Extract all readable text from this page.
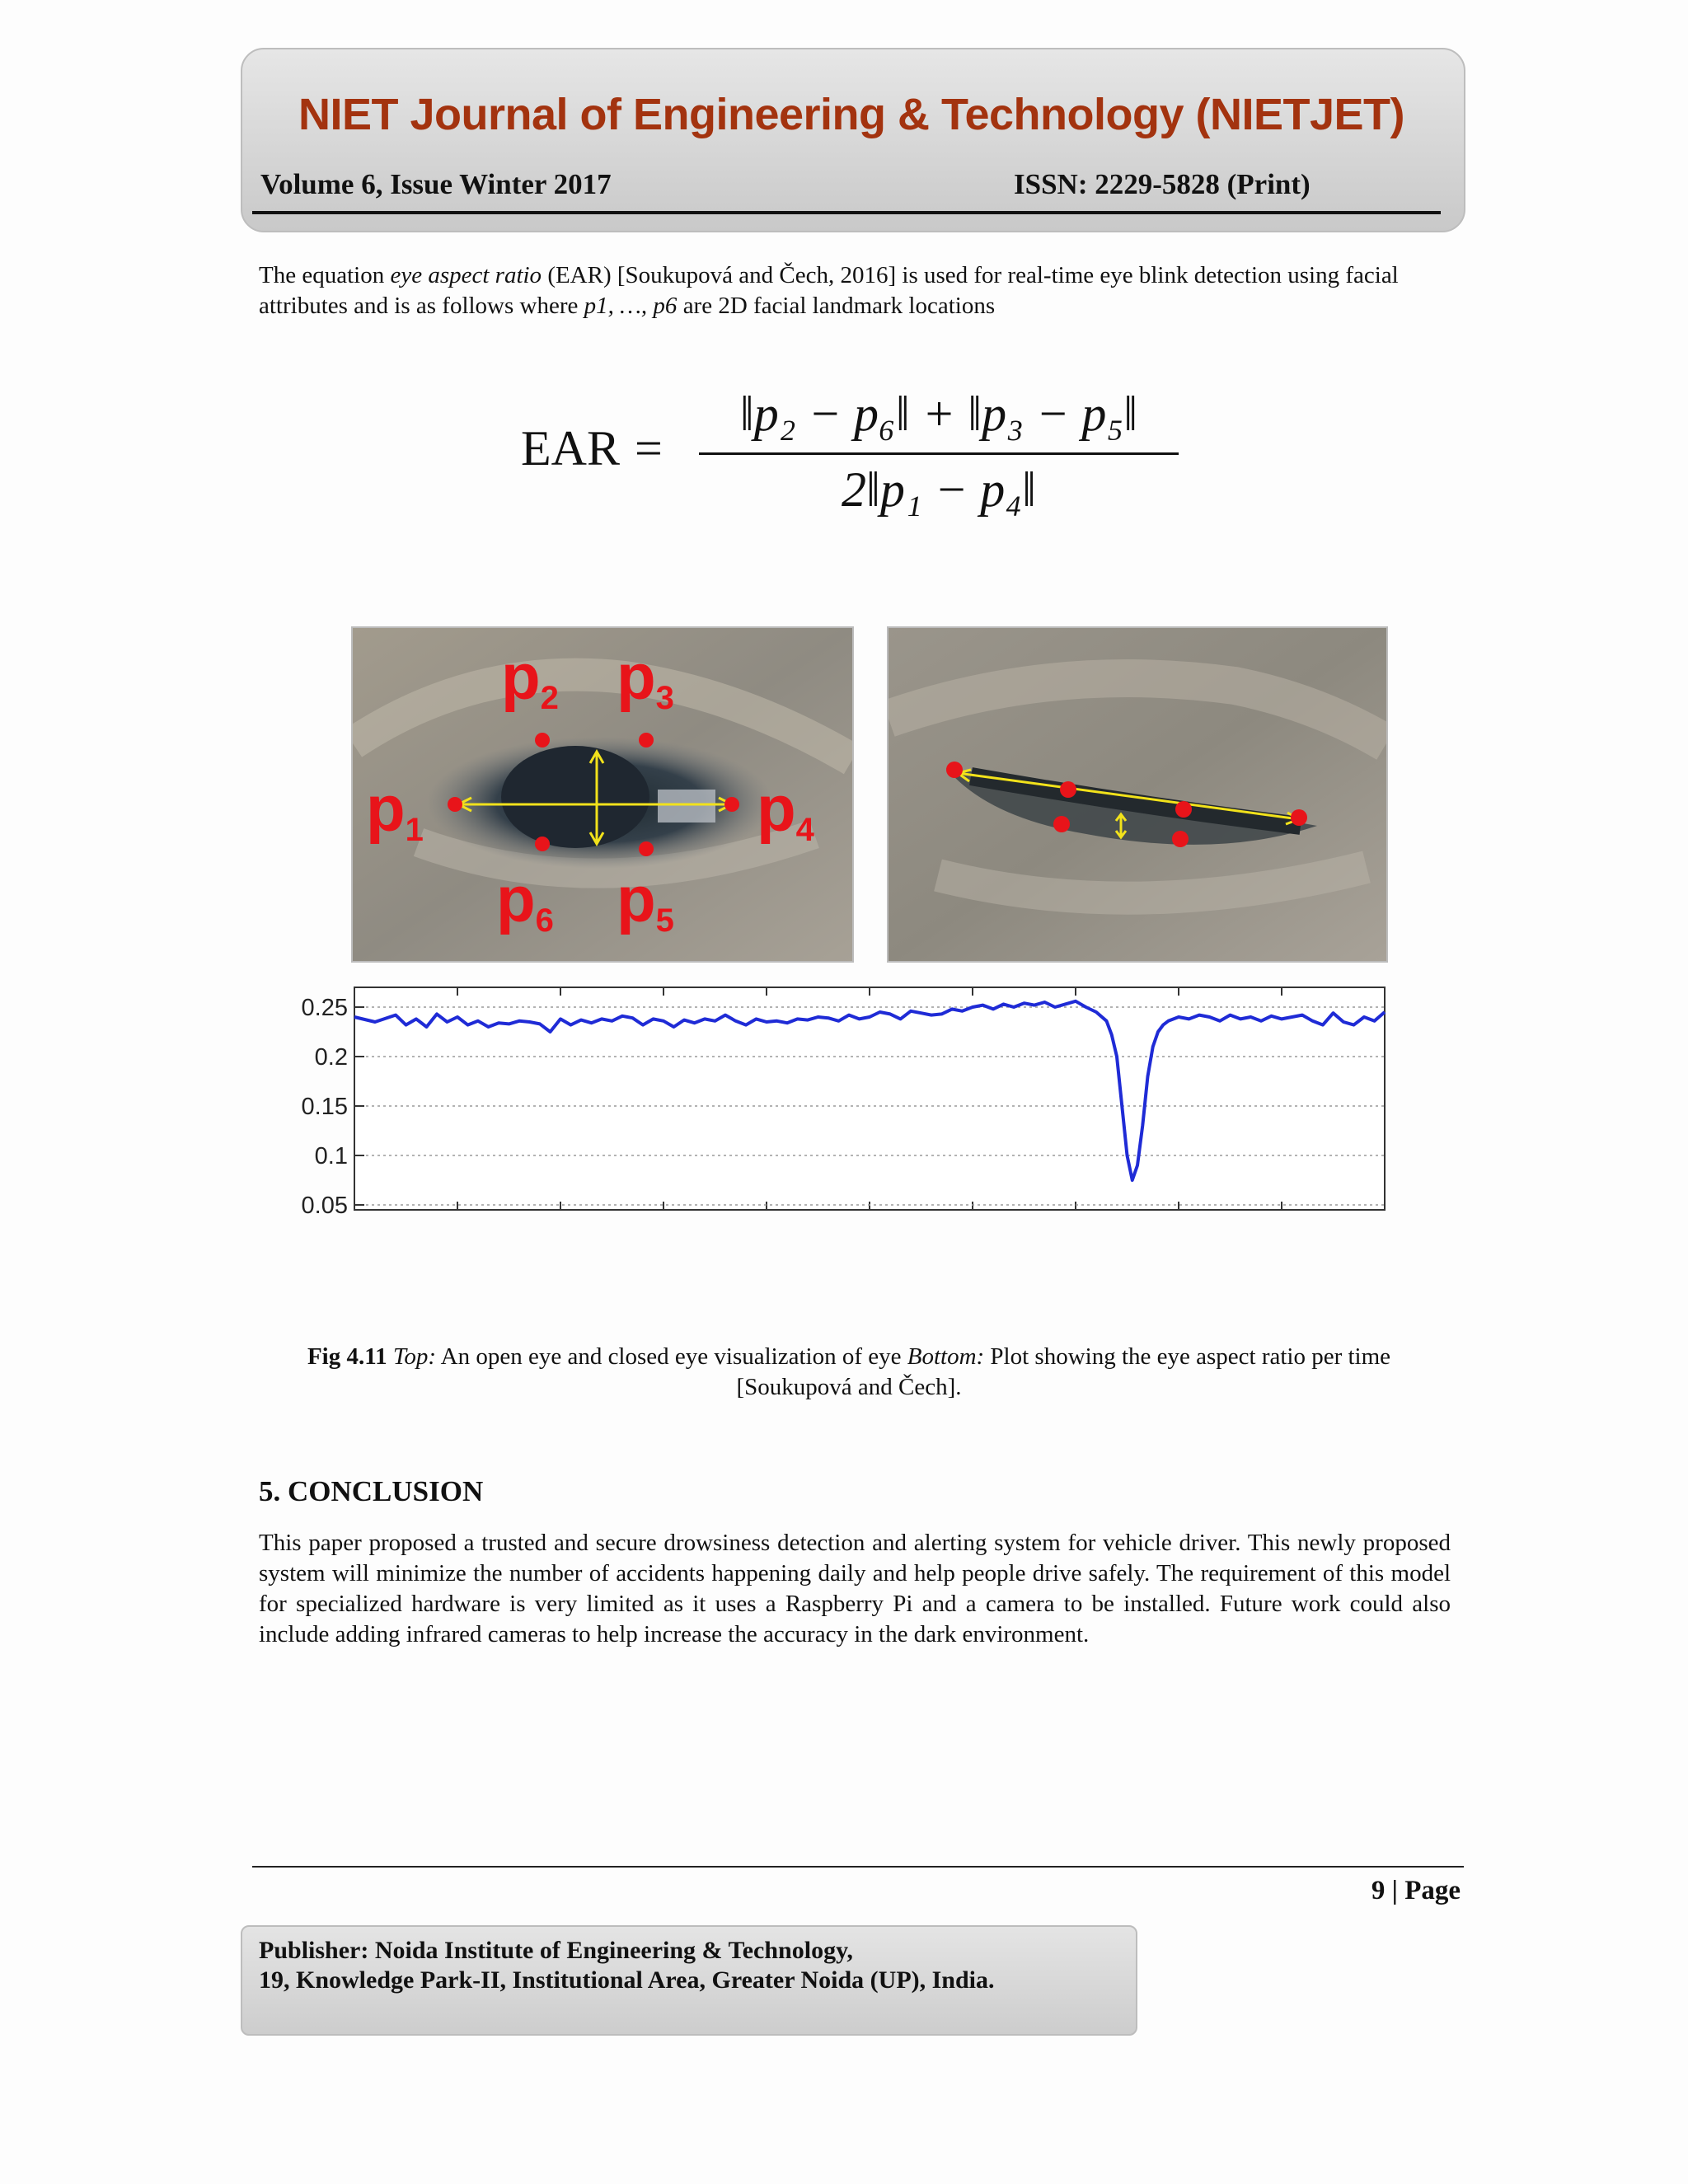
NIET Journal of Engineering & Technology (NIETJET)
Volume 6, Issue Winter 2017	ISSN: 2229-5828 (Print)
The equation eye aspect ratio (EAR) [Soukupová and Čech, 2016] is used for real-time eye blink detection using facial attributes and is as follows where p1, …, p6 are 2D facial landmark locations
EAR =
‖p₂ − p₆‖ + ‖p₃ − p₅‖
2‖p₁ − p₄‖
$p_1$
$p_2$ $p_3$
$p_4$
$p_5$
$p_6$
0.25
0.2
0.15
0.1
0.05
Fig 4.11 Top: An open eye and closed eye visualization of eye Bottom: Plot showing the eye aspect ratio per time [Soukupová and Čech].
5. CONCLUSION
This paper proposed a trusted and secure drowsiness detection and alerting system for vehicle driver. This newly proposed system will minimize the number of accidents happening daily and help people drive safely. The requirement of this model for specialized hardware is very limited as it uses a Raspberry Pi and a camera to be installed. Future work could also include adding infrared cameras to help increase the accuracy in the dark environment.
9 | Page
Publisher: Noida Institute of Engineering & Technology,
19, Knowledge Park-II, Institutional Area, Greater Noida (UP), India.
